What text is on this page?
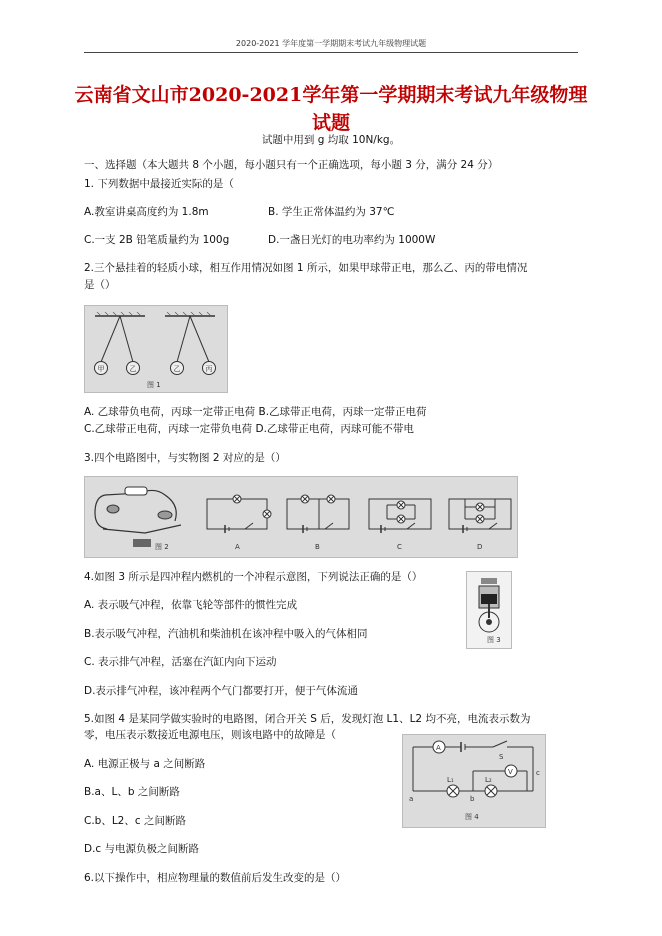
2020-2021 学年度第一学期期末考试九年级物理试题
云南省文山市2020-2021学年第一学期期末考试九年级物理
试题
试题中用到 g 均取 10N/kg。
一、选择题（本大题共 8 个小题，每小题只有一个正确选项，每小题 3 分，满分 24 分）
1. 下列数据中最接近实际的是（
A.教室讲桌高度约为 1.8m	B. 学生正常体温约为 37℃
C.一支 2B 铅笔质量约为 100g	D.一盏日光灯的电功率约为 1000W
2.三个悬挂着的轻质小球，相互作用情况如图 1 所示，如果甲球带正电，那么乙、丙的带电情况
是（）
甲	乙	乙	丙
图 1
A. 乙球带负电荷，丙球一定带正电荷 B.乙球带正电荷，丙球一定带正电荷
C.乙球带正电荷，丙球一定带负电荷 D.乙球带正电荷，丙球可能不带电
3.四个电路图中，与实物图 2 对应的是（）
图 2	A	B	C	D
4.如图 3 所示是四冲程内燃机的一个冲程示意图，下列说法正确的是（）
A. 表示吸气冲程，依靠飞轮等部件的惯性完成
B.表示吸气冲程，汽油机和柴油机在该冲程中吸入的气体相同
C. 表示排气冲程，活塞在汽缸内向下运动
D.表示排气冲程，该冲程两个气门都要打开，便于气体流通
图 3
5.如图 4 是某同学做实验时的电路图，闭合开关 S 后，发现灯泡 L1、L2 均不亮，电流表示数为
零，电压表示数接近电源电压，则该电路中的故障是（
A. 电源正极与 a 之间断路
B.a、L、b 之间断路
C.b、L2、c 之间断路
D.c 与电源负极之间断路
A
S
V
L₁	L₂
a	b
c
图 4
6.以下操作中，相应物理量的数值前后发生改变的是（）
